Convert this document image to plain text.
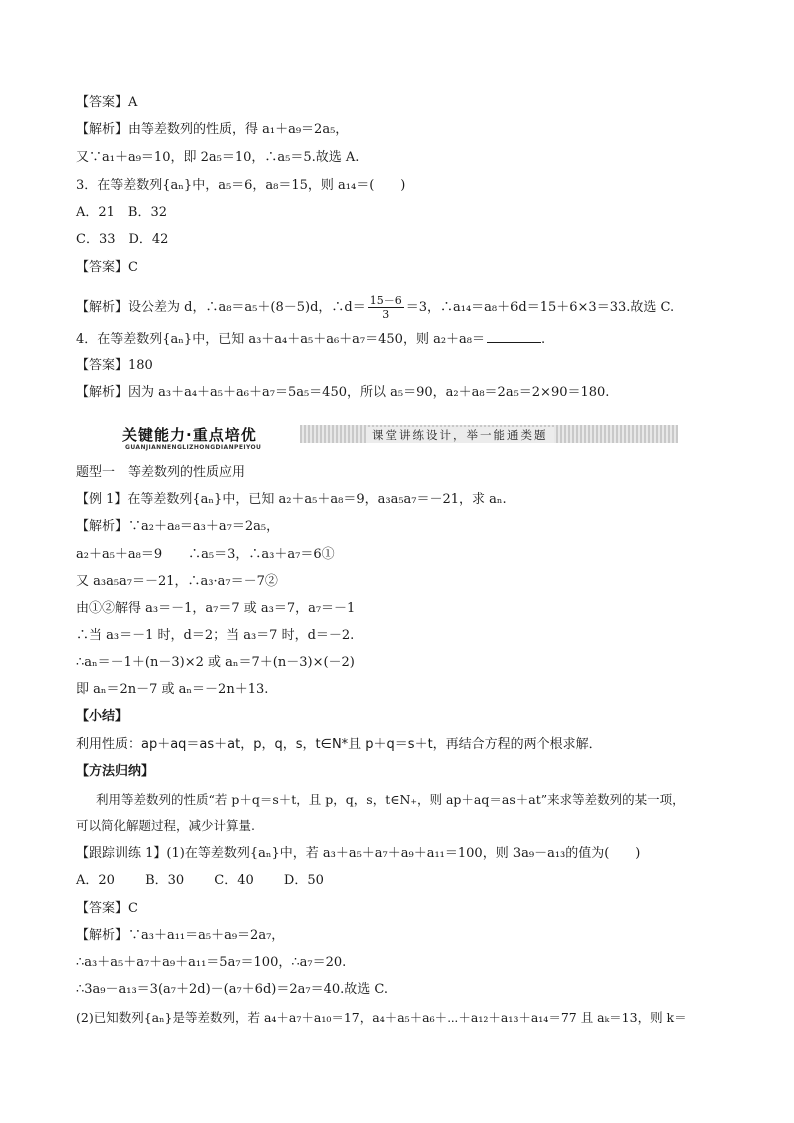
【答案】A
【解析】由等差数列的性质，得 a₁＋a₉＝2a₅，
又∵a₁＋a₉＝10，即 2a₅＝10，∴a₅＝5.故选 A.
3．在等差数列{aₙ}中，a₅＝6，a₈＝15，则 a₁₄＝(　　)
A．21　B．32
C．33　D．42
【答案】C
【解析】设公差为 d，∴a₈＝a₅＋(8－5)d，∴d＝ $\frac{15-6}{3} =3$，∴a₁₄＝a₈＋6d＝15＋6×3＝33.故选 C.
4．在等差数列{aₙ}中，已知 a₃＋a₄＋a₅＋a₆＋a₇＝450，则 a₂＋a₈＝	.
【答案】180
【解析】因为 a₃＋a₄＋a₅＋a₆＋a₇＝5a₅＝450，所以 a₅＝90，a₂＋a₈＝2a₅＝2×90＝180.
关键能力·重点培优
GUANJIANNENGLIZHONGDIANPEIYOU
课堂讲练设计，举一能通类题
题型一　等差数列的性质应用
【例 1】在等差数列{aₙ}中，已知 a₂＋a₅＋a₈＝9，a₃a₅a₇＝－21，求 aₙ.
【解析】∵a₂＋a₈＝a₃＋a₇＝2a₅，
a₂＋a₅＋a₈＝9　　∴a₅＝3，∴a₃＋a₇＝6①
又 a₃a₅a₇＝－21，∴a₃·a₇＝－7②
由①②解得 a₃＝－1，a₇＝7 或 a₃＝7，a₇＝－1
∴当 a₃＝－1 时，d＝2；当 a₃＝7 时，d＝－2.
∴aₙ＝－1＋(n－3)×2 或 aₙ＝7＋(n－3)×(－2)
即 aₙ＝2n－7 或 aₙ＝－2n＋13.
【小结】
利用性质：ap＋aq＝as＋at，p，q，s，t∈N*且 p＋q＝s＋t，再结合方程的两个根求解．
【方法归纳】
利用等差数列的性质“若 p＋q＝s＋t，且 p，q，s，t∈N₊，则 ap＋aq＝as＋at”来求等差数列的某一项，
可以简化解题过程，减少计算量.
【跟踪训练 1】(1)在等差数列{aₙ}中，若 a₃＋a₅＋a₇＋a₉＋a₁₁＝100，则 3a₉－a₁₃的值为(　　)
A．20　　 B．30　　 C．40　　 D．50
【答案】C
【解析】∵a₃＋a₁₁＝a₅＋a₉＝2a₇，
∴a₃＋a₅＋a₇＋a₉＋a₁₁＝5a₇＝100，∴a₇＝20.
∴3a₉－a₁₃＝3(a₇＋2d)－(a₇＋6d)＝2a₇＝40.故选 C.
(2)已知数列{aₙ}是等差数列，若 a₄＋a₇＋a₁₀＝17，a₄＋a₅＋a₆＋⋯＋a₁₂＋a₁₃＋a₁₄＝77 且 aₖ＝13，则 k＝
